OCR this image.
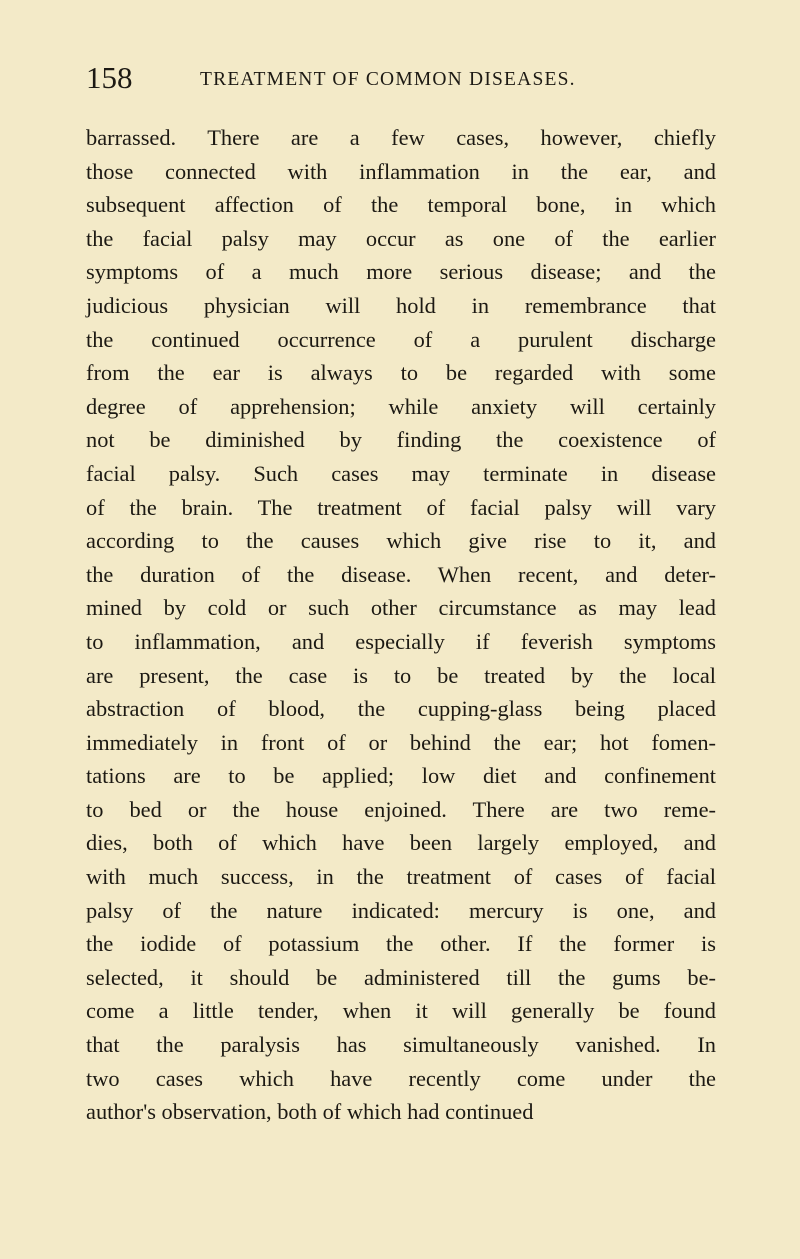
158	TREATMENT OF COMMON DISEASES.
barrassed. There are a few cases, however, chiefly
those connected with inflammation in the ear, and
subsequent affection of the temporal bone, in which
the facial palsy may occur as one of the earlier
symptoms of a much more serious disease; and the
judicious physician will hold in remembrance that
the continued occurrence of a purulent discharge
from the ear is always to be regarded with some
degree of apprehension; while anxiety will certainly
not be diminished by finding the coexistence of
facial palsy. Such cases may terminate in disease
of the brain. The treatment of facial palsy will vary
according to the causes which give rise to it, and
the duration of the disease. When recent, and deter-
mined by cold or such other circumstance as may lead
to inflammation, and especially if feverish symptoms
are present, the case is to be treated by the local
abstraction of blood, the cupping-glass being placed
immediately in front of or behind the ear; hot fomen-
tations are to be applied; low diet and confinement
to bed or the house enjoined. There are two reme-
dies, both of which have been largely employed, and
with much success, in the treatment of cases of facial
palsy of the nature indicated: mercury is one, and
the iodide of potassium the other. If the former is
selected, it should be administered till the gums be-
come a little tender, when it will generally be found
that the paralysis has simultaneously vanished. In
two cases which have recently come under the
author's observation, both of which had continued
